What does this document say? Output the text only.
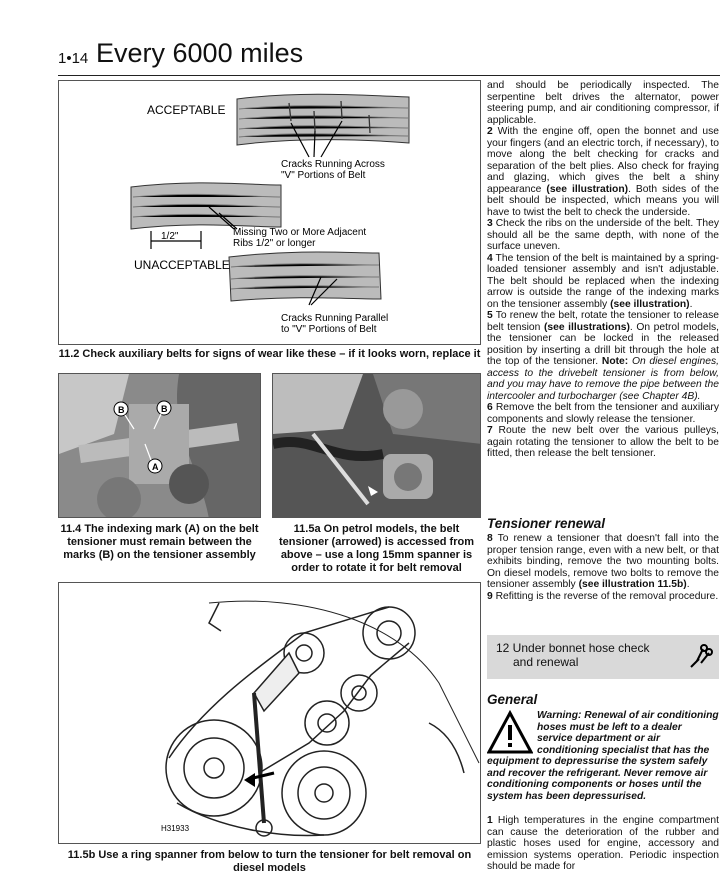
1•14 Every 6000 miles
ACCEPTABLE
Cracks Running Across
"V" Portions of Belt
Missing Two or More Adjacent
Ribs 1/2" or longer
1/2"
UNACCEPTABLE
Cracks Running Parallel
to "V" Portions of Belt
11.2 Check auxiliary belts for signs of wear like these – if it looks worn, replace it
B	B
A
11.4 The indexing mark (A) on the belt tensioner must remain between the marks (B) on the tensioner assembly
11.5a On petrol models, the belt tensioner (arrowed) is accessed from above – use a long 15mm spanner is order to rotate it for belt removal
H31933
11.5b Use a ring spanner from below to turn the tensioner for belt removal on diesel models

and should be periodically inspected. The serpentine belt drives the alternator, power steering pump, and air conditioning compressor, if applicable.

2 With the engine off, open the bonnet and use your fingers (and an electric torch, if necessary), to move along the belt checking for cracks and separation of the belt plies. Also check for fraying and glazing, which gives the belt a shiny appearance (see illustration). Both sides of the belt should be inspected, which means you will have to twist the belt to check the underside.

3 Check the ribs on the underside of the belt. They should all be the same depth, with none of the surface uneven.

4 The tension of the belt is maintained by a spring-loaded tensioner assembly and isn't adjustable. The belt should be replaced when the indexing arrow is outside the range of the indexing marks on the tensioner assembly (see illustration).

5 To renew the belt, rotate the tensioner to release belt tension (see illustrations). On petrol models, the tensioner can be locked in the released position by inserting a drill bit through the hole at the top of the tensioner. Note: On diesel engines, access to the drivebelt tensioner is from below, and you may have to remove the pipe between the intercooler and turbocharger (see Chapter 4B).

6 Remove the belt from the tensioner and auxiliary components and slowly release the tensioner.

7 Route the new belt over the various pulleys, again rotating the tensioner to allow the belt to be fitted, then release the belt tensioner.

Tensioner renewal

8 To renew a tensioner that doesn't fall into the proper tension range, even with a new belt, or that exhibits binding, remove the two mounting bolts. On diesel models, remove two bolts to remove the tensioner assembly (see illustration 11.5b).

9 Refitting is the reverse of the removal procedure.

12 Under bonnet hose check
and renewal
General
Warning: Renewal of air conditioning hoses must be left to a dealer service department or air conditioning specialist that has the equipment to depressurise the system safely and recover the refrigerant. Never remove air conditioning components or hoses until the system has been depressurised.
1 High temperatures in the engine compartment can cause the deterioration of the rubber and plastic hoses used for engine, accessory and emission systems operation. Periodic inspection should be made for
